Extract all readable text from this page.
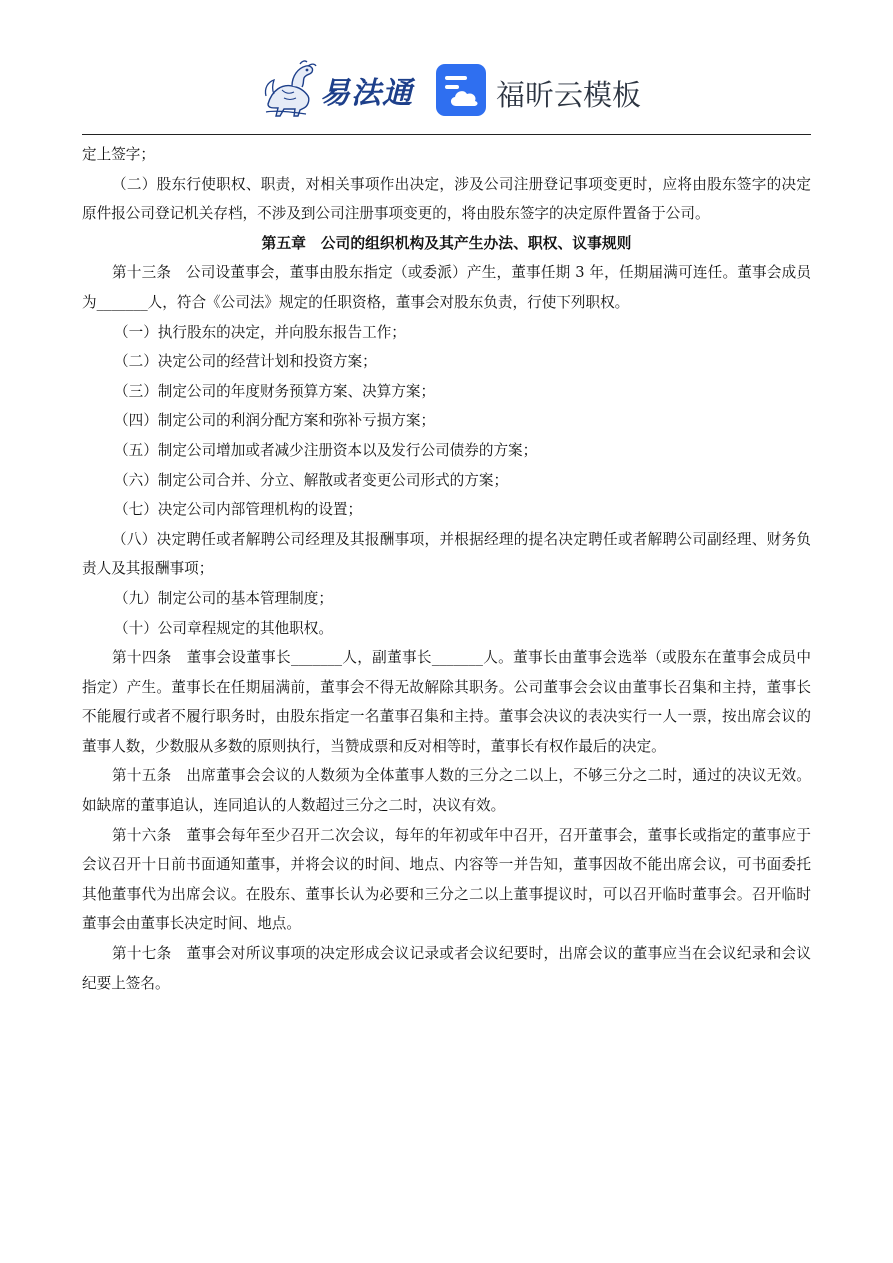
易法通	福昕云模板

定上签字；

（二）股东行使职权、职责，对相关事项作出决定，涉及公司注册登记事项变更时，应将由股东签字的决定原件报公司登记机关存档，不涉及到公司注册事项变更的，将由股东签字的决定原件置备于公司。

第五章　公司的组织机构及其产生办法、职权、议事规则

第十三条　公司设董事会，董事由股东指定（或委派）产生，董事任期 3 年，任期届满可连任。董事会成员为_______人，符合《公司法》规定的任职资格，董事会对股东负责，行使下列职权。

（一）执行股东的决定，并向股东报告工作；

（二）决定公司的经营计划和投资方案；

（三）制定公司的年度财务预算方案、决算方案；

（四）制定公司的利润分配方案和弥补亏损方案；

（五）制定公司增加或者减少注册资本以及发行公司债券的方案；

（六）制定公司合并、分立、解散或者变更公司形式的方案；

（七）决定公司内部管理机构的设置；

（八）决定聘任或者解聘公司经理及其报酬事项，并根据经理的提名决定聘任或者解聘公司副经理、财务负责人及其报酬事项；

（九）制定公司的基本管理制度；

（十）公司章程规定的其他职权。

第十四条　董事会设董事长_______人，副董事长_______人。董事长由董事会选举（或股东在董事会成员中指定）产生。董事长在任期届满前，董事会不得无故解除其职务。公司董事会会议由董事长召集和主持，董事长不能履行或者不履行职务时，由股东指定一名董事召集和主持。董事会决议的表决实行一人一票，按出席会议的董事人数，少数服从多数的原则执行，当赞成票和反对相等时，董事长有权作最后的决定。

第十五条　出席董事会会议的人数须为全体董事人数的三分之二以上，不够三分之二时，通过的决议无效。如缺席的董事追认，连同追认的人数超过三分之二时，决议有效。

第十六条　董事会每年至少召开二次会议，每年的年初或年中召开，召开董事会，董事长或指定的董事应于会议召开十日前书面通知董事，并将会议的时间、地点、内容等一并告知，董事因故不能出席会议，可书面委托其他董事代为出席会议。在股东、董事长认为必要和三分之二以上董事提议时，可以召开临时董事会。召开临时董事会由董事长决定时间、地点。

第十七条　董事会对所议事项的决定形成会议记录或者会议纪要时，出席会议的董事应当在会议纪录和会议纪要上签名。
